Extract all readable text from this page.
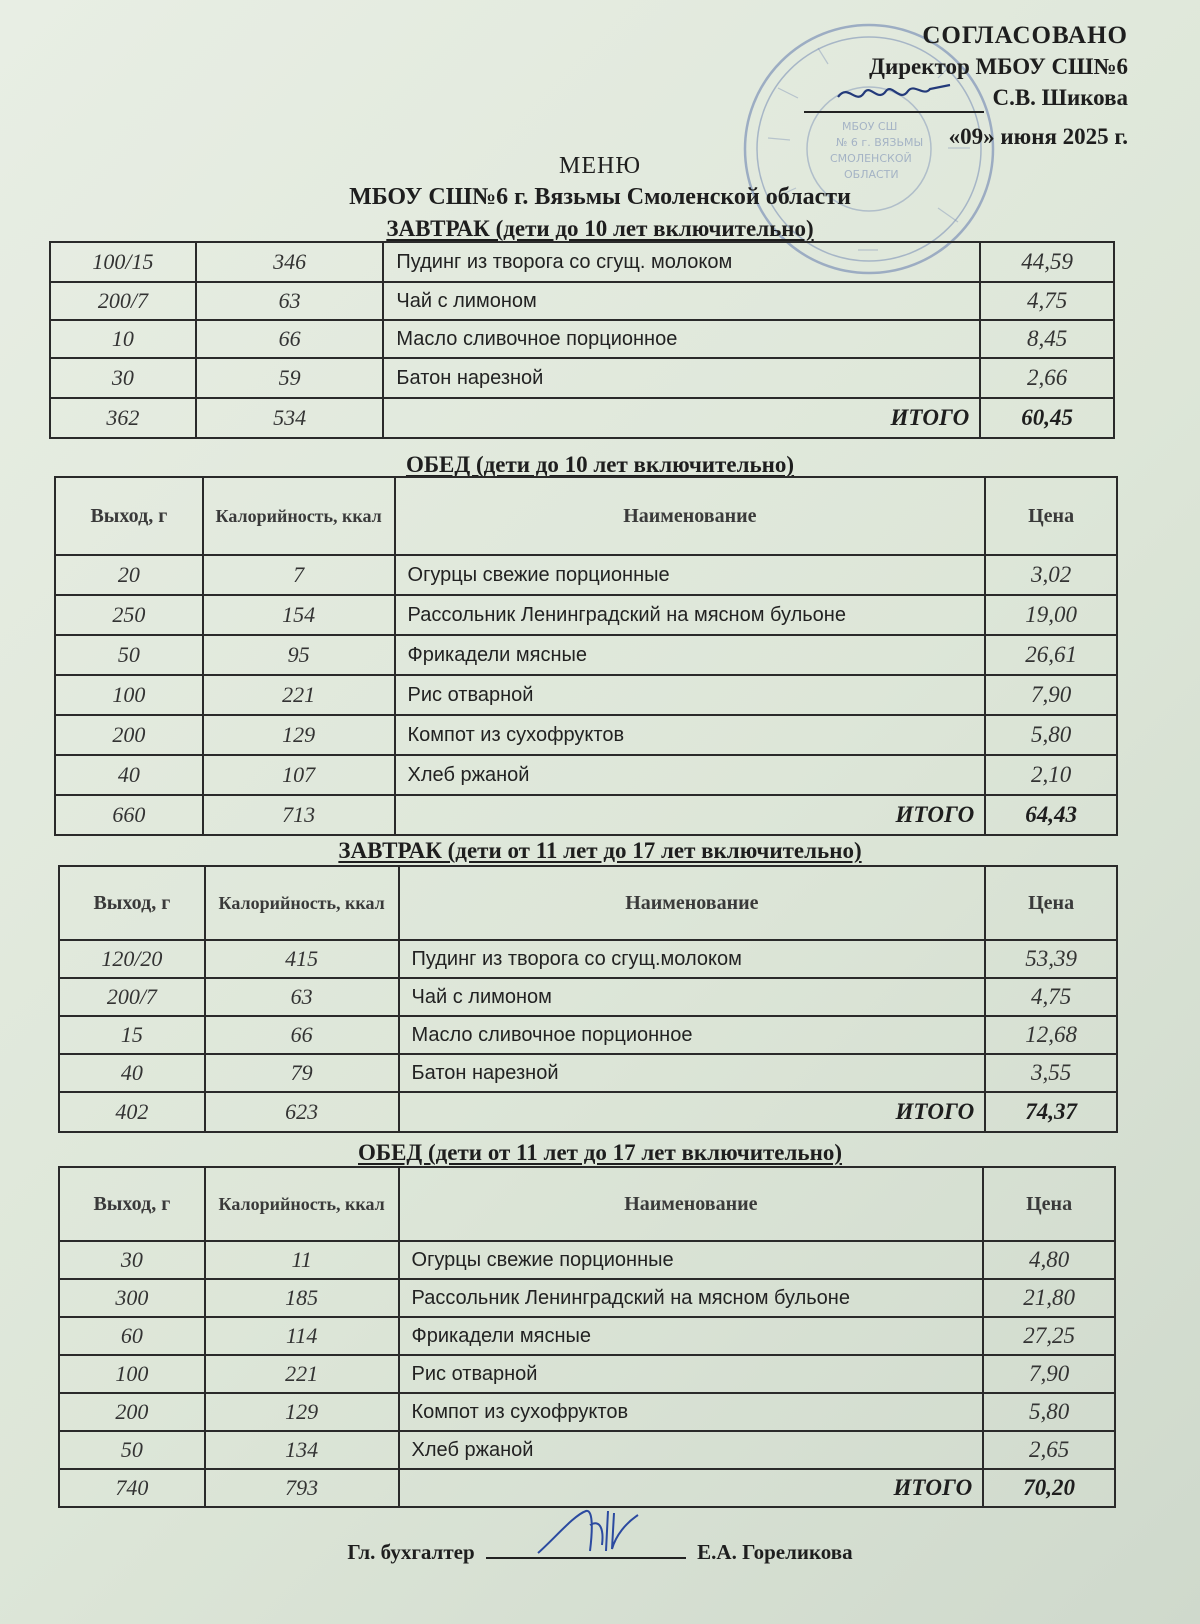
МБОУ СШ
№ 6 г. ВЯЗЬМЫ
СМОЛЕНСКОЙ
ОБЛАСТИ
СОГЛАСОВАНО
Директор МБОУ СШ№6
С.В. Шикова
«09» июня 2025 г.
МЕНЮ
МБОУ СШ№6 г. Вязьмы Смоленской области
ЗАВТРАК (дети до 10 лет включительно)
100/15	346	Пудинг из творога со сгущ. молоком	44,59
200/7	63	Чай с лимоном	4,75
10	66	Масло сливочное порционное	8,45
30	59	Батон нарезной	2,66
362	534	ИТОГО	60,45
ОБЕД (дети до 10 лет включительно)
Выход, г	Калорийность, ккал	Наименование	Цена
20	7	Огурцы свежие порционные	3,02
250	154	Рассольник Ленинградский на мясном бульоне	19,00
50	95	Фрикадели мясные	26,61
100	221	Рис отварной	7,90
200	129	Компот из сухофруктов	5,80
40	107	Хлеб ржаной	2,10
660	713	ИТОГО	64,43
ЗАВТРАК (дети от 11 лет до 17 лет включительно)
Выход, г	Калорийность, ккал	Наименование	Цена
120/20	415	Пудинг из творога со сгущ.молоком	53,39
200/7	63	Чай с лимоном	4,75
15	66	Масло сливочное порционное	12,68
40	79	Батон нарезной	3,55
402	623	ИТОГО	74,37
ОБЕД (дети от 11 лет до 17 лет включительно)
Выход, г	Калорийность, ккал	Наименование	Цена
30	11	Огурцы свежие порционные	4,80
300	185	Рассольник Ленинградский на мясном бульоне	21,80
60	114	Фрикадели мясные	27,25
100	221	Рис отварной	7,90
200	129	Компот из сухофруктов	5,80
50	134	Хлеб ржаной	2,65
740	793	ИТОГО	70,20
Гл. бухгалтер	Е.А. Гореликова
